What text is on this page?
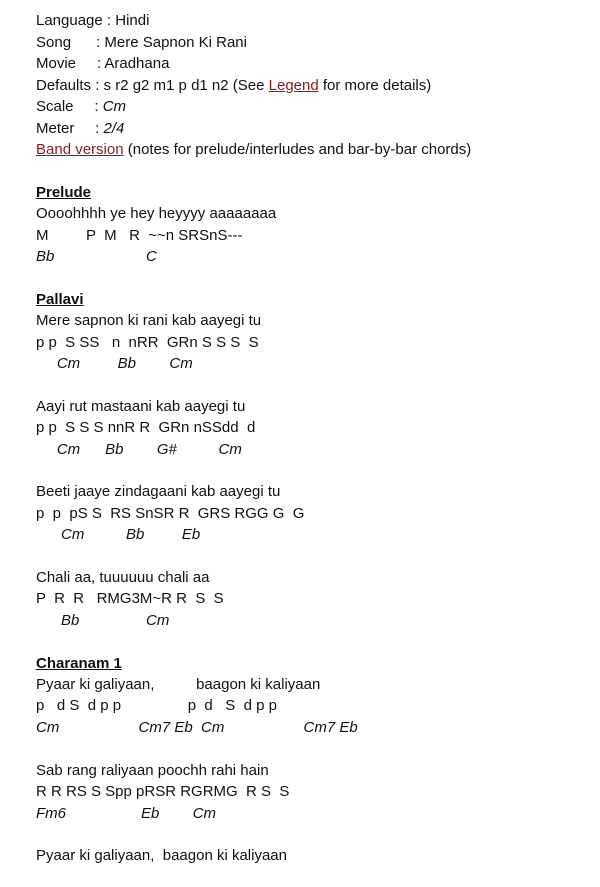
Language : Hindi
Song      : Mere Sapnon Ki Rani
Movie     : Aradhana
Defaults : s r2 g2 m1 p d1 n2 (See Legend for more details)
Scale     : Cm
Meter     : 2/4
Band version (notes for prelude/interludes and bar-by-bar chords)
Prelude
Oooohhhh ye hey heyyyy aaaaaaaa
M         P  M   R  ~~n SRSnS---
Bb                      C
Pallavi
Mere sapnon ki rani kab aayegi tu
p p  S SS   n  nRR  GRn S S S  S
Cm         Bb        Cm
Aayi rut mastaani kab aayegi tu
p p  S S S nnR R  GRn nSSdd  d
Cm      Bb        G#          Cm
Beeti jaaye zindagaani kab aayegi tu
p  p  pS S  RS SnSR R  GRS RGG G  G
Cm          Bb         Eb
Chali aa, tuuuuuu chali aa
P  R  R   RMG3M~R R  S  S
Bb                Cm
Charanam 1
Pyaar ki galiyaan,          baagon ki kaliyaan
p   d S  d p p                p  d   S  d p p
Cm                   Cm7 Eb  Cm                   Cm7 Eb
Sab rang raliyaan poochh rahi hain
R R RS S Spp pRSR RGRMG  R S  S
Fm6                  Eb        Cm
Pyaar ki galiyaan,  baagon ki kaliyaan
